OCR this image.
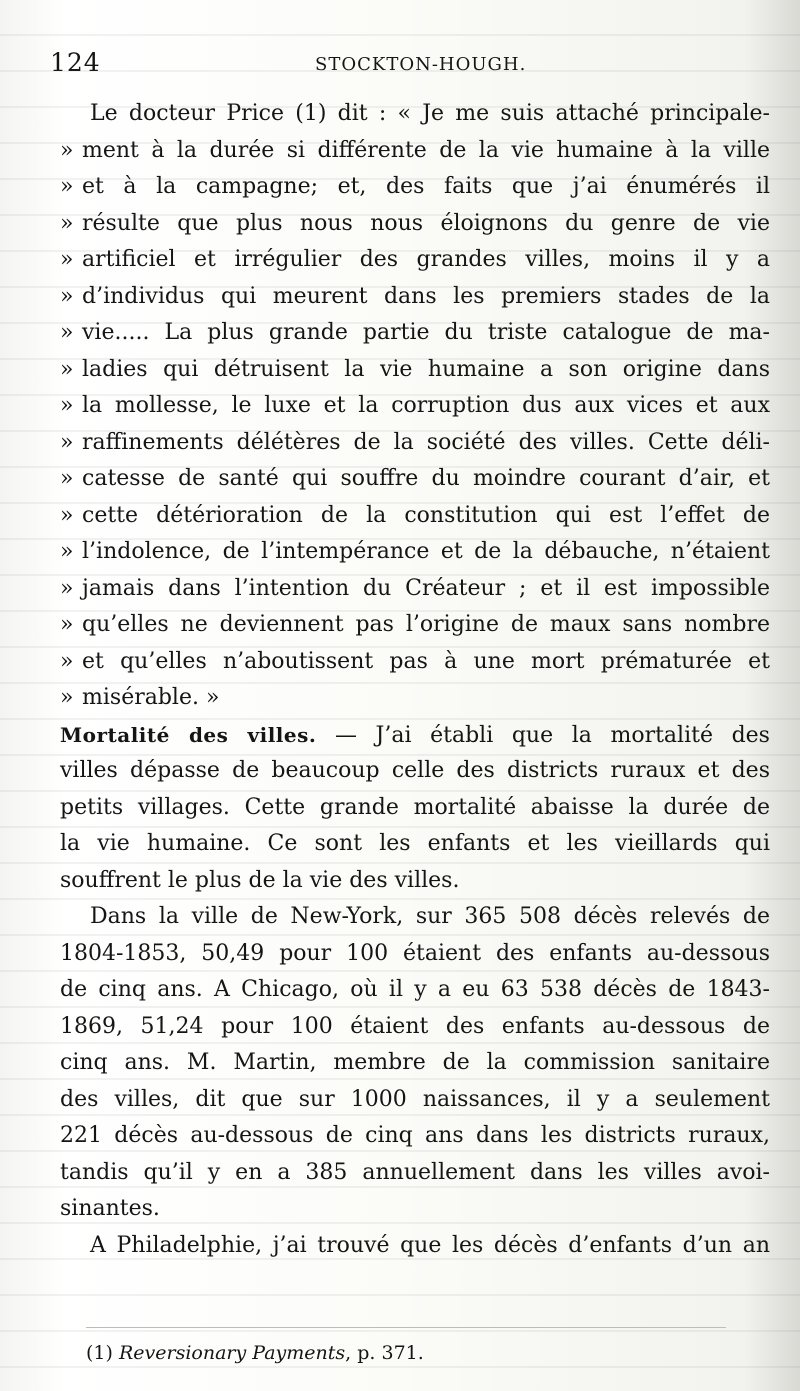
124	STOCKTON-HOUGH.
Le docteur Price (1) dit : « Je me suis attaché principale-
» ment à la durée si différente de la vie humaine à la ville
» et à la campagne; et, des faits que j’ai énumérés il
» résulte que plus nous nous éloignons du genre de vie
» artificiel et irrégulier des grandes villes, moins il y a
» d’individus qui meurent dans les premiers stades de la
» vie..... La plus grande partie du triste catalogue de ma-
» ladies qui détruisent la vie humaine a son origine dans
» la mollesse, le luxe et la corruption dus aux vices et aux
» raffinements délétères de la société des villes. Cette déli-
» catesse de santé qui souffre du moindre courant d’air, et
» cette détérioration de la constitution qui est l’effet de
» l’indolence, de l’intempérance et de la débauche, n’étaient
» jamais dans l’intention du Créateur ; et il est impossible
» qu’elles ne deviennent pas l’origine de maux sans nombre
» et qu’elles n’aboutissent pas à une mort prématurée et
» misérable. »
Mortalité des villes. — J’ai établi que la mortalité des
villes dépasse de beaucoup celle des districts ruraux et des
petits villages. Cette grande mortalité abaisse la durée de
la vie humaine. Ce sont les enfants et les vieillards qui
souffrent le plus de la vie des villes.
Dans la ville de New-York, sur 365 508 décès relevés de
1804-1853, 50,49 pour 100 étaient des enfants au-dessous
de cinq ans. A Chicago, où il y a eu 63 538 décès de 1843-
1869, 51,24 pour 100 étaient des enfants au-dessous de
cinq ans. M. Martin, membre de la commission sanitaire
des villes, dit que sur 1000 naissances, il y a seulement
221 décès au-dessous de cinq ans dans les districts ruraux,
tandis qu’il y en a 385 annuellement dans les villes avoi-
sinantes.
A Philadelphie, j’ai trouvé que les décès d’enfants d’un an
(1) Reversionary Payments, p. 371.
